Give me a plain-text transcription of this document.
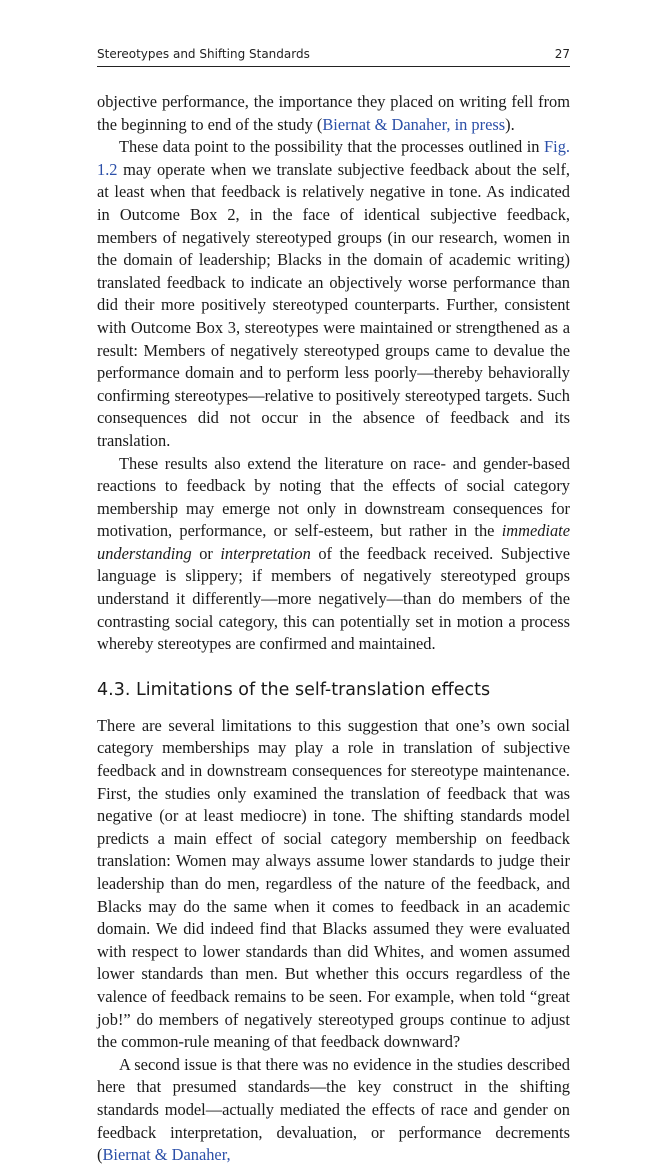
Stereotypes and Shifting Standards	27

objective performance, the importance they placed on writing fell from the beginning to end of the study (Biernat & Danaher, in press).

These data point to the possibility that the processes outlined in Fig. 1.2 may operate when we translate subjective feedback about the self, at least when that feedback is relatively negative in tone. As indicated in Outcome Box 2, in the face of identical subjective feedback, members of negatively stereotyped groups (in our research, women in the domain of leadership; Blacks in the domain of academic writing) translated feedback to indicate an objectively worse performance than did their more positively stereotyped counterparts. Further, consistent with Outcome Box 3, stereotypes were maintained or strengthened as a result: Members of negatively stereotyped groups came to devalue the performance domain and to perform less poorly—thereby behaviorally confirming stereotypes—relative to positively stereotyped targets. Such consequences did not occur in the absence of feedback and its translation.

These results also extend the literature on race- and gender-based reactions to feedback by noting that the effects of social category membership may emerge not only in downstream consequences for motivation, performance, or self-esteem, but rather in the immediate understanding or interpretation of the feedback received. Subjective language is slippery; if members of negatively stereotyped groups understand it differently—more negatively—than do members of the contrasting social category, this can potentially set in motion a process whereby stereotypes are confirmed and maintained.

4.3. Limitations of the self-translation effects

There are several limitations to this suggestion that one’s own social category memberships may play a role in translation of subjective feedback and in downstream consequences for stereotype maintenance. First, the studies only examined the translation of feedback that was negative (or at least mediocre) in tone. The shifting standards model predicts a main effect of social category membership on feedback translation: Women may always assume lower standards to judge their leadership than do men, regardless of the nature of the feedback, and Blacks may do the same when it comes to feedback in an academic domain. We did indeed find that Blacks assumed they were evaluated with respect to lower standards than did Whites, and women assumed lower standards than men. But whether this occurs regardless of the valence of feedback remains to be seen. For example, when told “great job!” do members of negatively stereotyped groups continue to adjust the common-rule meaning of that feedback downward?

A second issue is that there was no evidence in the studies described here that presumed standards—the key construct in the shifting standards model—actually mediated the effects of race and gender on feedback interpretation, devaluation, or performance decrements (Biernat & Danaher,
